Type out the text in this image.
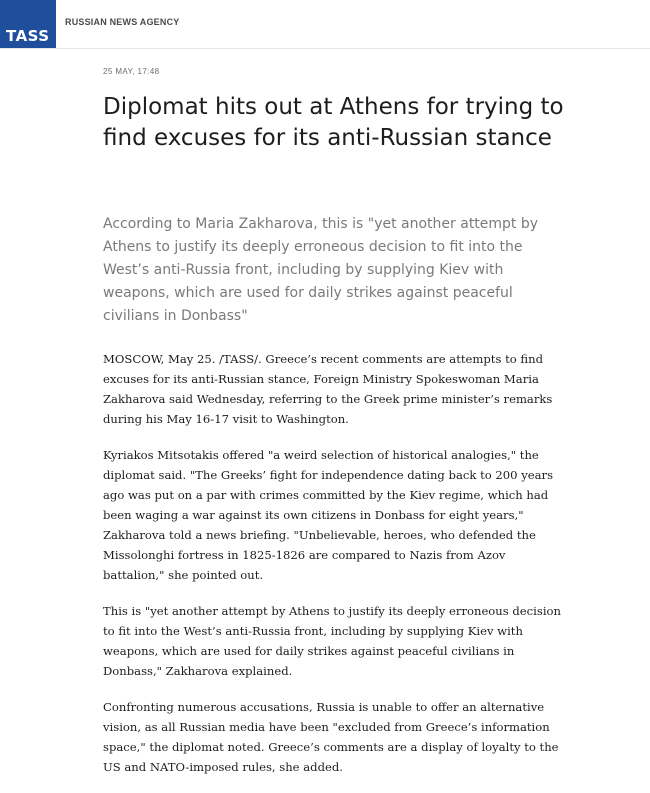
TASS
RUSSIAN NEWS AGENCY
25 MAY, 17:48
Diplomat hits out at Athens for trying to find excuses for its anti-Russian stance

According to Maria Zakharova, this is "yet another attempt by Athens to justify its deeply erroneous decision to fit into the West’s anti-Russia front, including by supplying Kiev with weapons, which are used for daily strikes against peaceful civilians in Donbass"

MOSCOW, May 25. /TASS/. Greece’s recent comments are attempts to find excuses for its anti-Russian stance, Foreign Ministry Spokeswoman Maria Zakharova said Wednesday, referring to the Greek prime minister’s remarks during his May 16-17 visit to Washington.

Kyriakos Mitsotakis offered "a weird selection of historical analogies," the diplomat said. "The Greeks’ fight for independence dating back to 200 years ago was put on a par with crimes committed by the Kiev regime, which had been waging a war against its own citizens in Donbass for eight years," Zakharova told a news briefing. "Unbelievable, heroes, who defended the Missolonghi fortress in 1825-1826 are compared to Nazis from Azov battalion," she pointed out.

This is "yet another attempt by Athens to justify its deeply erroneous decision to fit into the West’s anti-Russia front, including by supplying Kiev with weapons, which are used for daily strikes against peaceful civilians in Donbass," Zakharova explained.

Confronting numerous accusations, Russia is unable to offer an alternative vision, as all Russian media have been "excluded from Greece’s information space," the diplomat noted. Greece’s comments are a display of loyalty to the US and NATO-imposed rules, she added.
